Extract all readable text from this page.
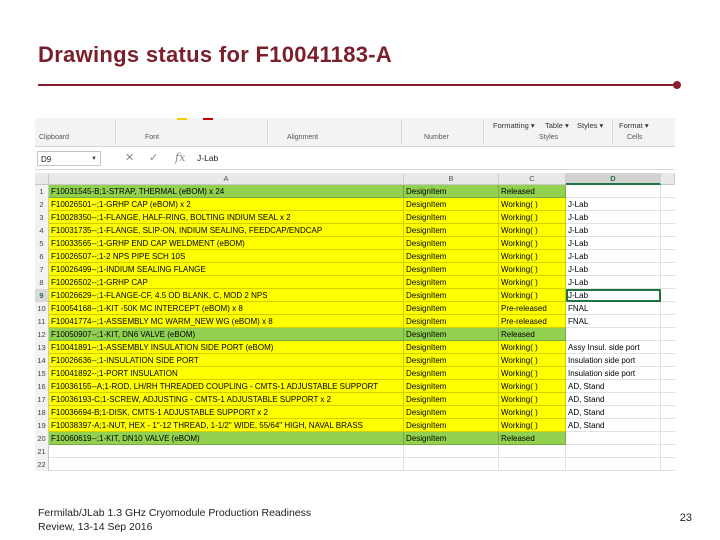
Drawings status for F10041183-A
Clipboard	Font	Alignment	Number
Formatting ▾ Table ▾ Styles ▾
Styles
Format ▾
Cells
D9	▼	✕ ✓ fx J-Lab
A	B	C	D
1 F10031545-B;1-STRAP, THERMAL (eBOM) x 24	DesignItem	Released
2 F10026501--;1-GRHP CAP (eBOM) x 2	DesignItem	Working( )	J-Lab
3 F10028350--;1-FLANGE, HALF-RING, BOLTING INDIUM SEAL x 2	DesignItem	Working( )	J-Lab
4 F10031735--;1-FLANGE, SLIP-ON, INDIUM SEALING, FEEDCAP/ENDCAP	DesignItem	Working( )	J-Lab
5 F10033565--;1-GRHP END CAP WELDMENT (eBOM)	DesignItem	Working( )	J-Lab
6 F10026507--;1-2 NPS PIPE SCH 10S	DesignItem	Working( )	J-Lab
7 F10026499--;1-INDIUM SEALING FLANGE	DesignItem	Working( )	J-Lab
8 F10026502--;1-GRHP CAP	DesignItem	Working( )	J-Lab
9 F10026629--;1-FLANGE-CF, 4.5 OD BLANK, C, MOD 2 NPS	DesignItem	Working( )	J-Lab
10 F10054168--;1-KIT -50K MC INTERCEPT (eBOM) x 8	DesignItem	Pre-released	FNAL
11 F10041774--;1-ASSEMBLY MC WARM_NEW WG (eBOM) x 8	DesignItem	Pre-released	FNAL
12 F10050907--;1-KIT, DN6 VALVE (eBOM)	DesignItem	Released
13 F10041891--;1-ASSEMBLY INSULATION SIDE PORT (eBOM)	DesignItem	Working( )	Assy Insul. side port
14 F10026636--;1-INSULATION SIDE PORT	DesignItem	Working( )	Insulation side port
15 F10041892--;1-PORT INSULATION	DesignItem	Working( )	Insulation side port
16 F10036155--A;1-ROD, LH/RH THREADED COUPLING - CMTS-1 ADJUSTABLE SUPPORT	DesignItem	Working( )	AD, Stand
17 F10036193-C;1-SCREW, ADJUSTING - CMTS-1 ADJUSTABLE SUPPORT x 2	DesignItem	Working( )	AD, Stand
18 F10036694-B;1-DISK, CMTS-1 ADJUSTABLE SUPPORT x 2	DesignItem	Working( )	AD, Stand
19 F10038397-A;1-NUT, HEX - 1"-12 THREAD, 1-1/2" WIDE, 55/64" HIGH, NAVAL BRASS	DesignItem	Working( )	AD, Stand
20 F10060619--;1-KIT, DN10 VALVE (eBOM)	DesignItem	Released
21
22
Fermilab/JLab 1.3 GHz Cryomodule Production Readiness
Review, 13-14 Sep 2016
23
